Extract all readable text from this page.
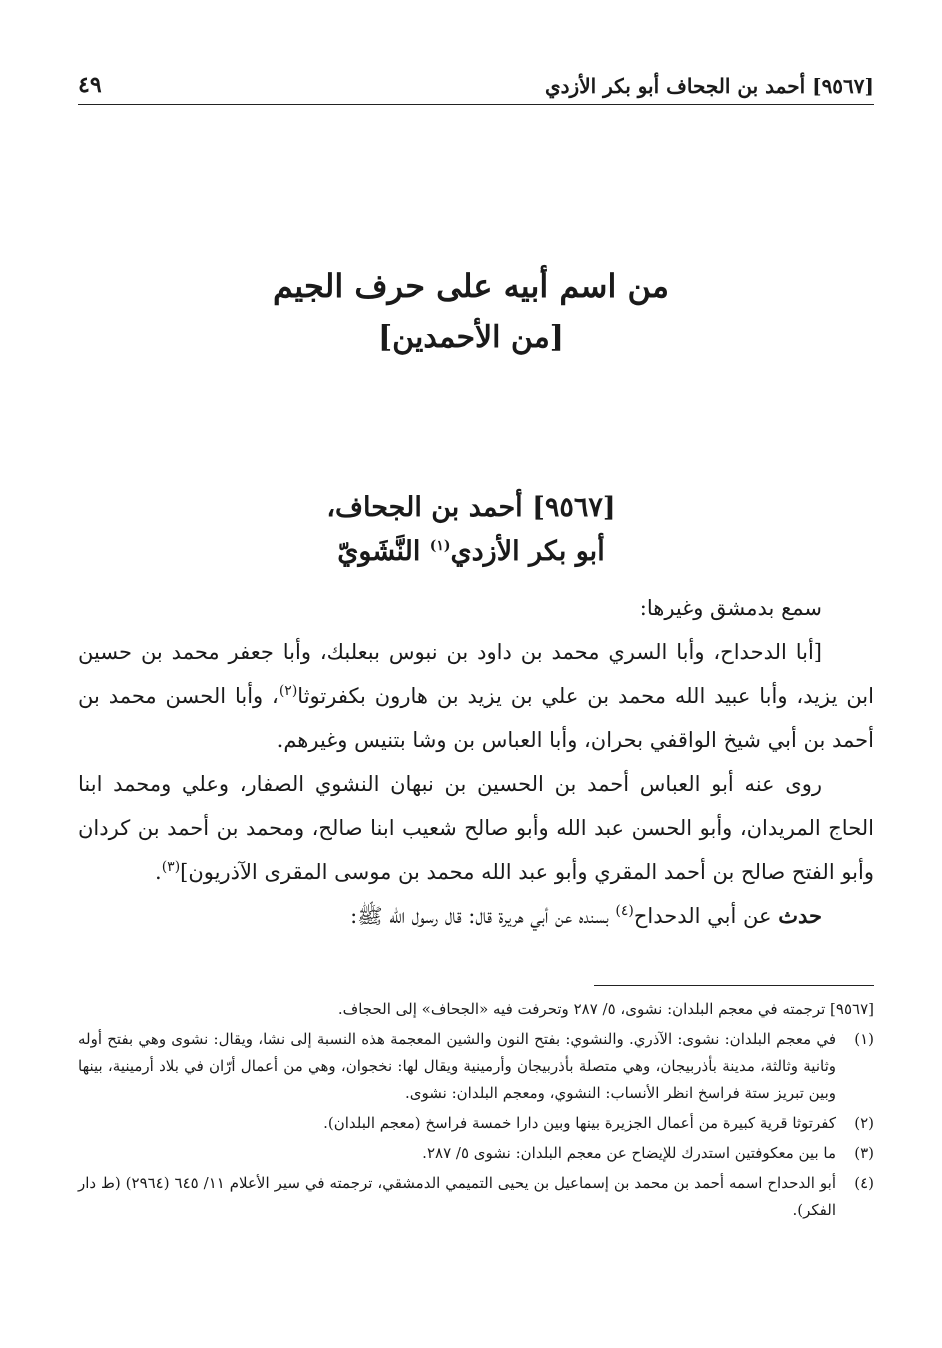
[٩٥٦٧] أحمد بن الجحاف أبو بكر الأزدي
٤٩
من اسم أبيه على حرف الجيم
[من الأحمدين]
[٩٥٦٧] أحمد بن الجحاف،
أبو بكر الأزدي$^{(١)}$ النَّشَويّ

سمع بدمشق وغيرها:

[أبا الدحداح، وأبا السري محمد بن داود بن نبوس ببعلبك، وأبا جعفر محمد بن حسين ابن يزيد، وأبا عبيد الله محمد بن علي بن يزيد بن هارون بكفرتوثا$^{(٢)}$، وأبا الحسن محمد بن أحمد بن أبي شيخ الواقفي بحران، وأبا العباس بن وشا بتنيس وغيرهم.

روى عنه أبو العباس أحمد بن الحسين بن نبهان النشوي الصفار، وعلي ومحمد ابنا الحاج المريدان، وأبو الحسن عبد الله وأبو صالح شعيب ابنا صالح، ومحمد بن أحمد بن كردان وأبو الفتح صالح بن أحمد المقري وأبو عبد الله محمد بن موسى المقرى الآذريون]$^{(٣)}$.

حدث عن أبي الدحداح$^{(٤)}$ بسنده عن أبي هريرة قال: قال رسول الله ﷺ:

[٩٥٦٧] ترجمته في معجم البلدان: نشوى، ٥/ ٢٨٧ وتحرفت فيه «الجحاف» إلى الحجاف.
(١)
في معجم البلدان: نشوى: الآذري. والنشوي: بفتح النون والشين المعجمة هذه النسبة إلى نشا، ويقال: نشوى وهي بفتح أوله وثانية وثالثة، مدينة بأذربيجان، وهي متصلة بأذربيجان وأرمينية ويقال لها: نخجوان، وهي من أعمال أرّان في بلاد أرمينية، بينها وبين تبريز ستة فراسخ انظر الأنساب: النشوي، ومعجم البلدان: نشوى.
(٢)
كفرتوثا قرية كبيرة من أعمال الجزيرة بينها وبين دارا خمسة فراسخ (معجم البلدان).
(٣)
ما بين معكوفتين استدرك للإيضاح عن معجم البلدان: نشوى ٥/ ٢٨٧.
(٤)
أبو الدحداح اسمه أحمد بن محمد بن إسماعيل بن يحيى التميمي الدمشقي، ترجمته في سير الأعلام ١١/ ٦٤٥ (٢٩٦٤) (ط دار الفكر).
